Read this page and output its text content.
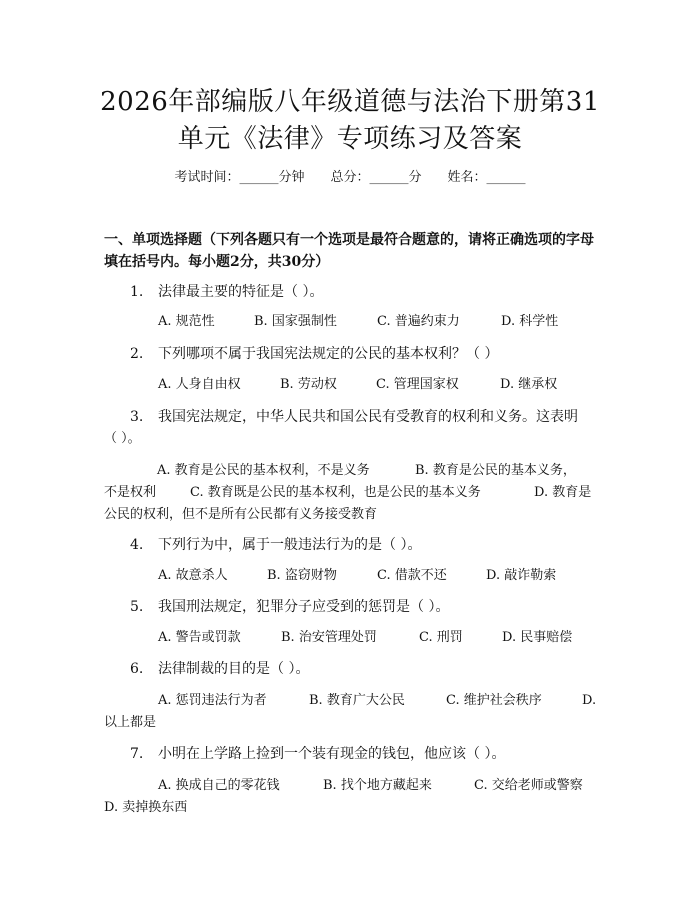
2026年部编版八年级道德与法治下册第31
单元《法律》专项练习及答案
考试时间：______分钟 总分：______分 姓名：______
一、单项选择题（下列各题只有一个选项是最符合题意的，请将正确选项的字母
填在括号内。每小题2分，共30分）
1. 法律最主要的特征是（ ）。
A. 规范性	B. 国家强制性	C. 普遍约束力	D. 科学性
2. 下列哪项不属于我国宪法规定的公民的基本权利？（ ）
A. 人身自由权	B. 劳动权	C. 管理国家权	D. 继承权
3. 我国宪法规定，中华人民共和国公民有受教育的权利和义务。这表明
（ ）。
A. 教育是公民的基本权利，不是义务	B. 教育是公民的基本义务，
不是权利	C. 教育既是公民的基本权利，也是公民的基本义务	D. 教育是
公民的权利，但不是所有公民都有义务接受教育
4. 下列行为中，属于一般违法行为的是（ ）。
A. 故意杀人	B. 盗窃财物	C. 借款不还	D. 敲诈勒索
5. 我国刑法规定，犯罪分子应受到的惩罚是（ ）。
A. 警告或罚款	B. 治安管理处罚	C. 刑罚	D. 民事赔偿
6. 法律制裁的目的是（ ）。
A. 惩罚违法行为者	B. 教育广大公民	C. 维护社会秩序	D.
以上都是
7. 小明在上学路上捡到一个装有现金的钱包，他应该（ ）。
A. 换成自己的零花钱	B. 找个地方藏起来	C. 交给老师或警察
D. 卖掉换东西
